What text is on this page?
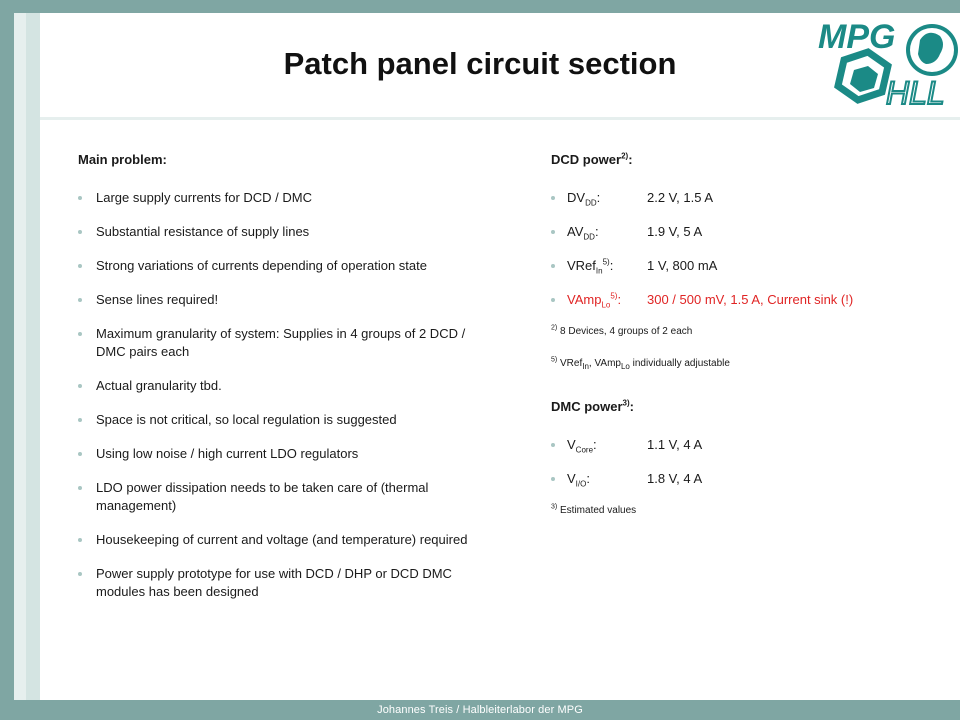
Patch panel circuit section
MPG
HLL
Main problem:
Large supply currents for DCD / DMC
Substantial resistance of supply lines
Strong variations of currents depending of operation state
Sense lines required!
Maximum granularity of system: Supplies in 4 groups of 2 DCD / DMC pairs each
Actual granularity tbd.
Space is not critical, so local regulation is suggested
Using low noise / high current LDO regulators
LDO power dissipation needs to be taken care of (thermal management)
Housekeeping of current and voltage (and temperature) required
Power supply prototype for use with DCD / DHP or DCD DMC modules has been designed
DCD power$^{2)}$:
$DV_{DD}$:	2.2 V, 1.5 A
$AV_{DD}$:	1.9 V, 5 A
VRef$_{In}^{5)}$:	1 V, 800 mA
VAmp$_{Lo}^{5)}$:	300 / 500 mV, 1.5 A, Current sink (!)
$^{2)}$ 8 Devices, 4 groups of 2 each
$^{5)}$ VRef$_{In}$, VAmp$_{Lo}$ individually adjustable
DMC power$^{3)}$:
$V_{Core}$:	1.1 V, 4 A
$V_{I/O}$:	1.8 V, 4 A
$^{3)}$ Estimated values
Johannes Treis / Halbleiterlabor der MPG
